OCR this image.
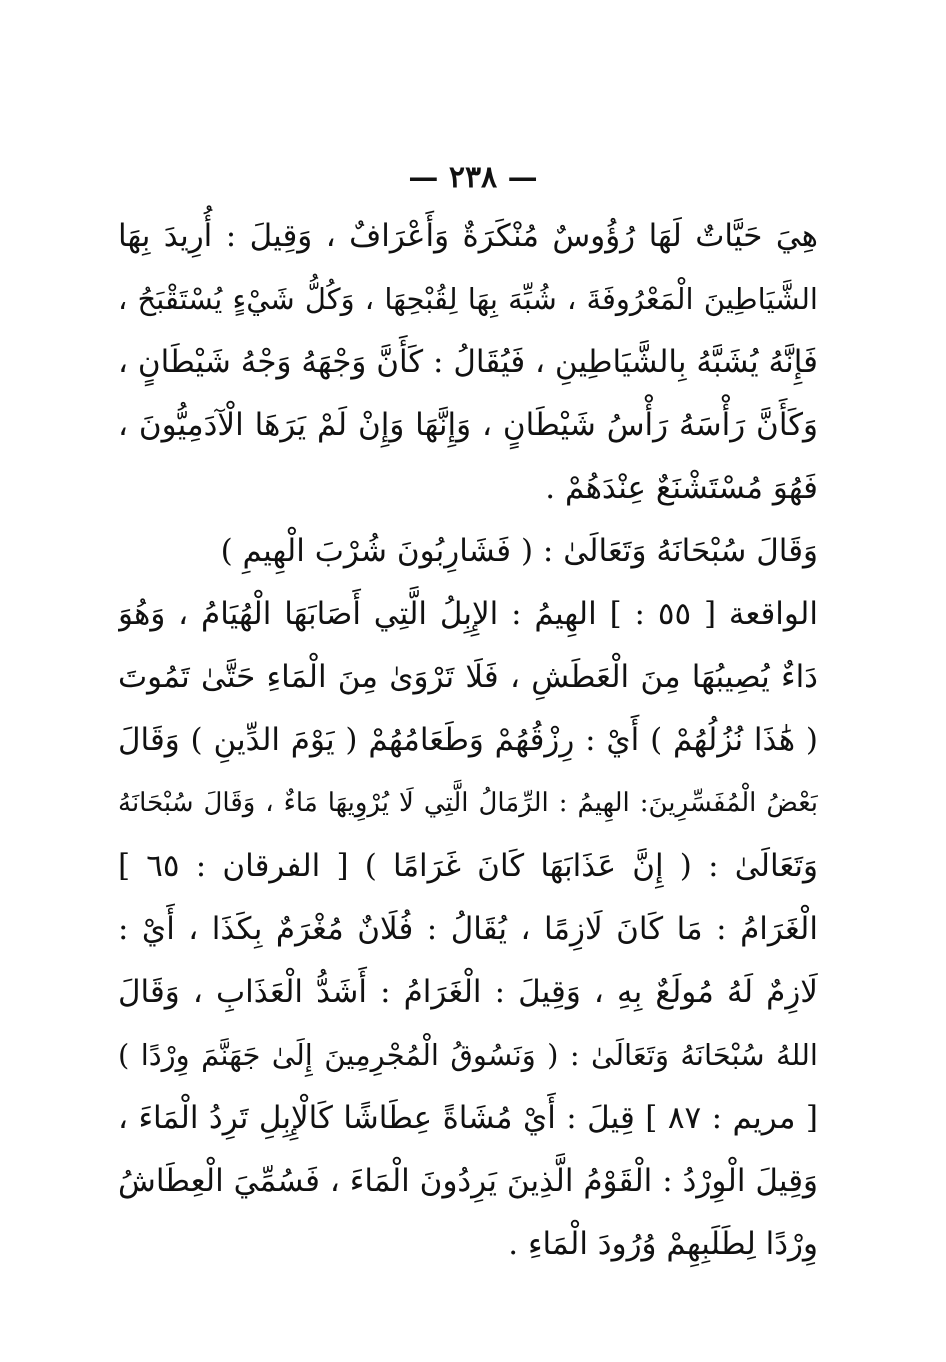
— ٢٣٨ —
هِيَ حَيَّاتٌ لَهَا رُؤُوسٌ مُنْكَرَةٌ وَأَعْرَافٌ ، وَقِيلَ : أُرِيدَ بِهَا
الشَّيَاطِينَ الْمَعْرُوفَةَ ، شُبِّهَ بِهَا لِقُبْحِهَا ، وَكُلُّ شَيْءٍ يُسْتَقْبَحُ ،
فَإِنَّهُ يُشَبَّهُ بِالشَّيَاطِينِ ، فَيُقَالُ : كَأَنَّ وَجْهَهُ وَجْهُ شَيْطَانٍ ،
وَكَأَنَّ رَأْسَهُ رَأْسُ شَيْطَانٍ ، وَإِنَّهَا وَإِنْ لَمْ يَرَهَا الْآدَمِيُّونَ ،
فَهُوَ مُسْتَشْنَعٌ عِنْدَهُمْ .
وَقَالَ سُبْحَانَهُ وَتَعَالَىٰ : ( فَشَارِبُونَ شُرْبَ الْهِيمِ )
الواقعة [ ٥٥ : ] الهِيمُ : الإِبِلُ الَّتِي أَصَابَهَا الْهُيَامُ ، وَهُوَ
دَاءٌ يُصِيبُهَا مِنَ الْعَطَشِ ، فَلَا تَرْوَىٰ مِنَ الْمَاءِ حَتَّىٰ تَمُوتَ
( هَٰذَا نُزُلُهُمْ ) أَيْ : رِزْقُهُمْ وَطَعَامُهُمْ ( يَوْمَ الدِّينِ ) وَقَالَ
بَعْضُ الْمُفَسِّرِينَ: الهِيمُ : الرِّمَالُ الَّتِي لَا يُرْوِيهَا مَاءٌ ، وَقَالَ سُبْحَانَهُ
وَتَعَالَىٰ : ( إِنَّ عَذَابَهَا كَانَ غَرَامًا ) [ الفرقان : ٦٥ ]
الْغَرَامُ : مَا كَانَ لَازِمًا ، يُقَالُ : فُلَانٌ مُغْرَمٌ بِكَذَا ، أَيْ :
لَازِمٌ لَهُ مُولَعٌ بِهِ ، وَقِيلَ : الْغَرَامُ : أَشَدُّ الْعَذَابِ ، وَقَالَ
اللهُ سُبْحَانَهُ وَتَعَالَىٰ : ( وَنَسُوقُ الْمُجْرِمِينَ إِلَىٰ جَهَنَّمَ وِرْدًا )
[ مريم : ٨٧ ] قِيلَ : أَيْ مُشَاةً عِطَاشًا كَالْإِبِلِ تَرِدُ الْمَاءَ ،
وَقِيلَ الْوِرْدُ : الْقَوْمُ الَّذِينَ يَرِدُونَ الْمَاءَ ، فَسُمِّيَ الْعِطَاشُ
وِرْدًا لِطَلَبِهِمْ وُرُودَ الْمَاءِ .
